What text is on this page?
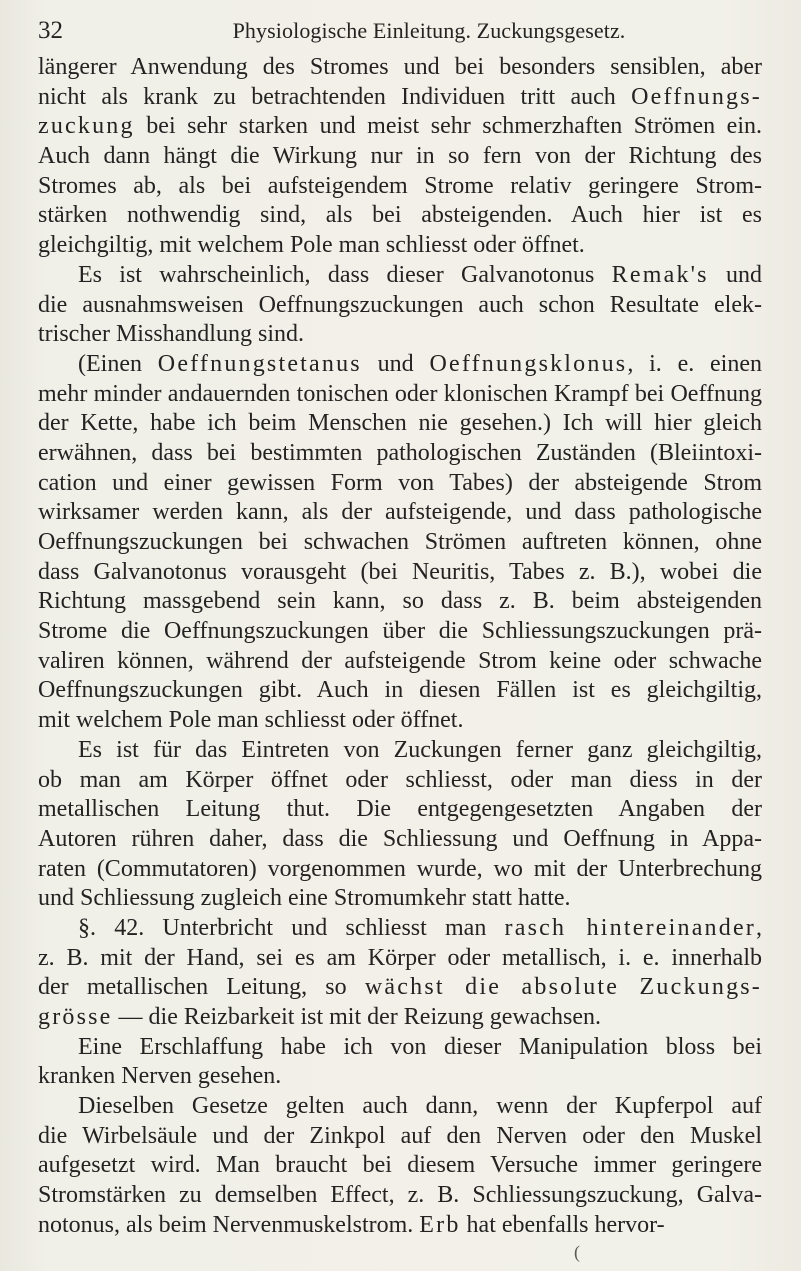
32	Physiologische Einleitung. Zuckungsgesetz.
längerer Anwendung des Stromes und bei besonders sensiblen, aber
nicht als krank zu betrachtenden Individuen tritt auch Oeffnungs-
zuckung bei sehr starken und meist sehr schmerzhaften Strömen ein.
Auch dann hängt die Wirkung nur in so fern von der Richtung des
Stromes ab, als bei aufsteigendem Strome relativ geringere Strom-
stärken nothwendig sind, als bei absteigenden. Auch hier ist es
gleichgiltig, mit welchem Pole man schliesst oder öffnet.
Es ist wahrscheinlich, dass dieser Galvanotonus Remak's und
die ausnahmsweisen Oeffnungszuckungen auch schon Resultate elek-
trischer Misshandlung sind.
(Einen Oeffnungstetanus und Oeffnungsklonus, i. e. einen
mehr minder andauernden tonischen oder klonischen Krampf bei Oeffnung
der Kette, habe ich beim Menschen nie gesehen.) Ich will hier gleich
erwähnen, dass bei bestimmten pathologischen Zuständen (Bleiintoxi-
cation und einer gewissen Form von Tabes) der absteigende Strom
wirksamer werden kann, als der aufsteigende, und dass pathologische
Oeffnungszuckungen bei schwachen Strömen auftreten können, ohne
dass Galvanotonus vorausgeht (bei Neuritis, Tabes z. B.), wobei die
Richtung massgebend sein kann, so dass z. B. beim absteigenden
Strome die Oeffnungszuckungen über die Schliessungszuckungen prä-
valiren können, während der aufsteigende Strom keine oder schwache
Oeffnungszuckungen gibt. Auch in diesen Fällen ist es gleichgiltig,
mit welchem Pole man schliesst oder öffnet.
Es ist für das Eintreten von Zuckungen ferner ganz gleichgiltig,
ob man am Körper öffnet oder schliesst, oder man diess in der
metallischen Leitung thut. Die entgegengesetzten Angaben der
Autoren rühren daher, dass die Schliessung und Oeffnung in Appa-
raten (Commutatoren) vorgenommen wurde, wo mit der Unterbrechung
und Schliessung zugleich eine Stromumkehr statt hatte.
§. 42. Unterbricht und schliesst man rasch hintereinander,
z. B. mit der Hand, sei es am Körper oder metallisch, i. e. innerhalb
der metallischen Leitung, so wächst die absolute Zuckungs-
grösse — die Reizbarkeit ist mit der Reizung gewachsen.
Eine Erschlaffung habe ich von dieser Manipulation bloss bei
kranken Nerven gesehen.
Dieselben Gesetze gelten auch dann, wenn der Kupferpol auf
die Wirbelsäule und der Zinkpol auf den Nerven oder den Muskel
aufgesetzt wird. Man braucht bei diesem Versuche immer geringere
Stromstärken zu demselben Effect, z. B. Schliessungszuckung, Galva-
notonus, als beim Nervenmuskelstrom. Erb hat ebenfalls hervor-
(
